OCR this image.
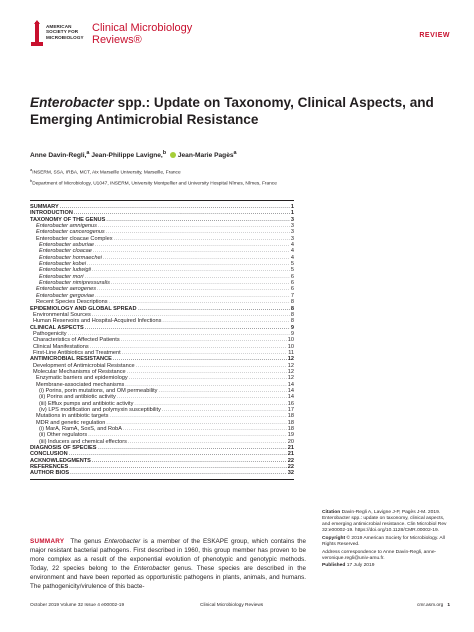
AMERICAN
SOCIETY FOR
MICROBIOLOGY
Clinical Microbiology
Reviews®	REVIEW
Enterobacter spp.: Update on Taxonomy, Clinical Aspects, and Emerging Antimicrobial Resistance
Anne Davin-Regli,$^a$ Jean-Philippe Lavigne,$^b$  Jean-Marie Pagès$^a$
$^a$INSERM, SSA, IRBA, MCT, Aix Marseille University, Marseille, France
$^b$Department of Microbiology, U1047, INSERM, University Montpellier and University Hospital Nîmes, Nîmes, France
SUMMARY .....	1
INTRODUCTION .....	1
TAXONOMY OF THE GENUS .....	3
Enterobacter amnigenus .....	3
Enterobacter cancerogenus .....	3
Enterobacter cloacae Complex .....	3
Enterobacter asburiae .....	4
Enterobacter cloacae .....	4
Enterobacter hormaechei .....	4
Enterobacter kobei .....	5
Enterobacter ludwigii .....	5
Enterobacter mori .....	6
Enterobacter nimipressuralis .....	6
Enterobacter aerogenes .....	6
Enterobacter gergoviae .....	7
Recent Species Descriptions .....	8
EPIDEMIOLOGY AND GLOBAL SPREAD .....	8
Environmental Sources .....	8
Human Reservoirs and Hospital-Acquired Infections .....	8
CLINICAL ASPECTS .....	9
Pathogenicity .....	9
Characteristics of Affected Patients .....	10
Clinical Manifestations .....	10
First-Line Antibiotics and Treatment .....	11
ANTIMICROBIAL RESISTANCE .....	12
Development of Antimicrobial Resistance .....	12
Molecular Mechanisms of Resistance .....	12
Enzymatic barriers and epidemiology .....	12
Membrane-associated mechanisms .....	14
(i) Porins, porin mutations, and OM permeability .....	14
(ii) Porins and antibiotic activity .....	14
(iii) Efflux pumps and antibiotic activity .....	16
(iv) LPS modification and polymyxin susceptibility .....	17
Mutations in antibiotic targets .....	18
MDR and genetic regulation .....	18
(i) MarA, RamA, SoxS, and RobA .....	18
(ii) Other regulators .....	19
(iii) Inducers and chemical effectors .....	20
DIAGNOSIS OF SPECIES .....	21
CONCLUSION .....	21
ACKNOWLEDGMENTS .....	22
REFERENCES .....	22
AUTHOR BIOS .....	32

Citation Davin-Regli A, Lavigne J-P, Pagès J-M. 2019. Enterobacter spp.: update on taxonomy, clinical aspects, and emerging antimicrobial resistance. Clin Microbiol Rev 32:e00002-19. https://doi.org/10.1128/CMR.00002-19.

Copyright © 2019 American Society for Microbiology. All Rights Reserved.

Address correspondence to Anne Davin-Regli, anne-veronique.regli@univ-amu.fr.

Published 17 July 2019

SUMMARY The genus Enterobacter is a member of the ESKAPE group, which contains the major resistant bacterial pathogens. First described in 1960, this group member has proven to be more complex as a result of the exponential evolution of phenotypic and genotypic methods. Today, 22 species belong to the Enterobacter genus. These species are described in the environment and have been reported as opportunistic pathogens in plants, animals, and humans. The pathogenicity/virulence of this bacte-

October 2019 Volume 32 Issue 4 e00002-19	Clinical Microbiology Reviews	cmr.asm.org 1
